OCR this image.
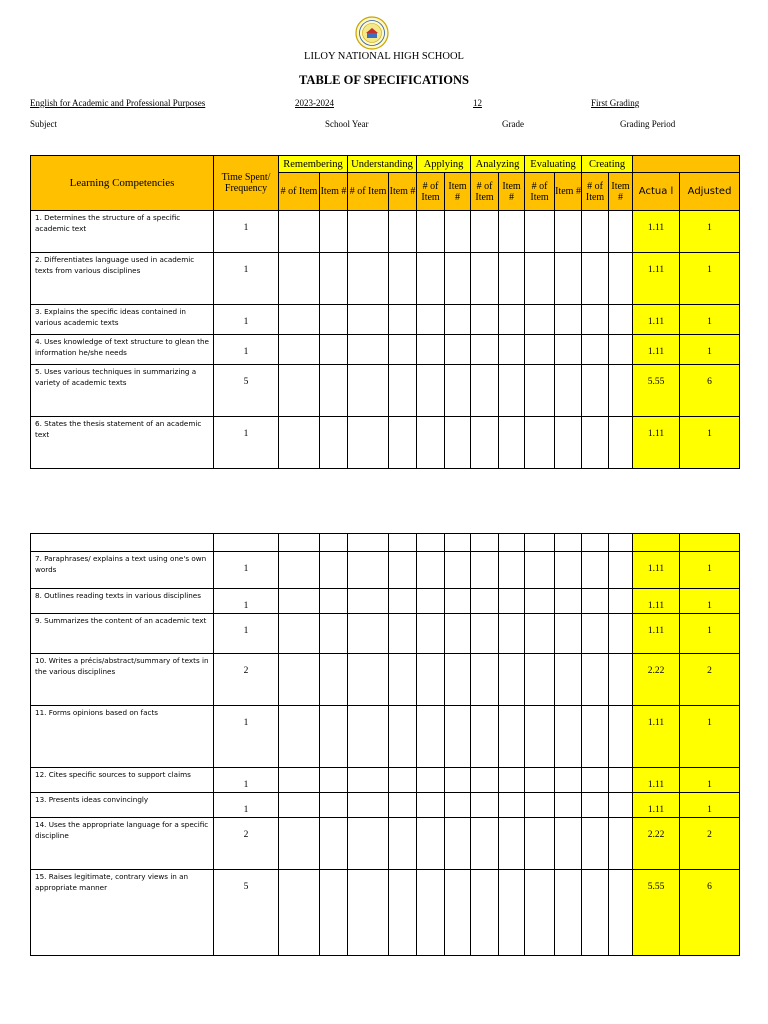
LILOY NATIONAL HIGH SCHOOL
TABLE OF SPECIFICATIONS
English for Academic and Professional Purposes	2023-2024	12	First Grading
Subject	School Year	Grade	Grading Period
Learning Competencies	Time Spent/ Frequency	Remembering		Understanding		Applying		Analyzing		Evaluating		Creating			
		# of Item	Item #	# of Item	Item #	# of Item	Item #	# of Item	Item #	# of Item	Item #	# of Item	Item #	Actua l	Adjusted
1. Determines the structure of a specific academic text	1													1.11	1
2. Differentiates language used in academic texts from various disciplines	1													1.11	1
3. Explains the specific ideas contained in various academic texts	1													1.11	1
4. Uses knowledge of text structure to glean the information he/she needs	1													1.11	1
5. Uses various techniques in summarizing a variety of academic texts	5													5.55	6
6. States the thesis statement of an academic text	1													1.11	1

7. Paraphrases/ explains a text using one's own words	1													1.11	1
8. Outlines reading texts in various disciplines	1													1.11	1
9. Summarizes the content of an academic text	1													1.11	1
10. Writes a précis/abstract/summary of texts in the various disciplines	2													2.22	2
11. Forms opinions based on facts	1													1.11	1
12. Cites specific sources to support claims	1													1.11	1
13. Presents ideas convincingly	1													1.11	1
14. Uses the appropriate language for a specific discipline	2													2.22	2
15. Raises legitimate, contrary views in an appropriate manner	5													5.55	6
